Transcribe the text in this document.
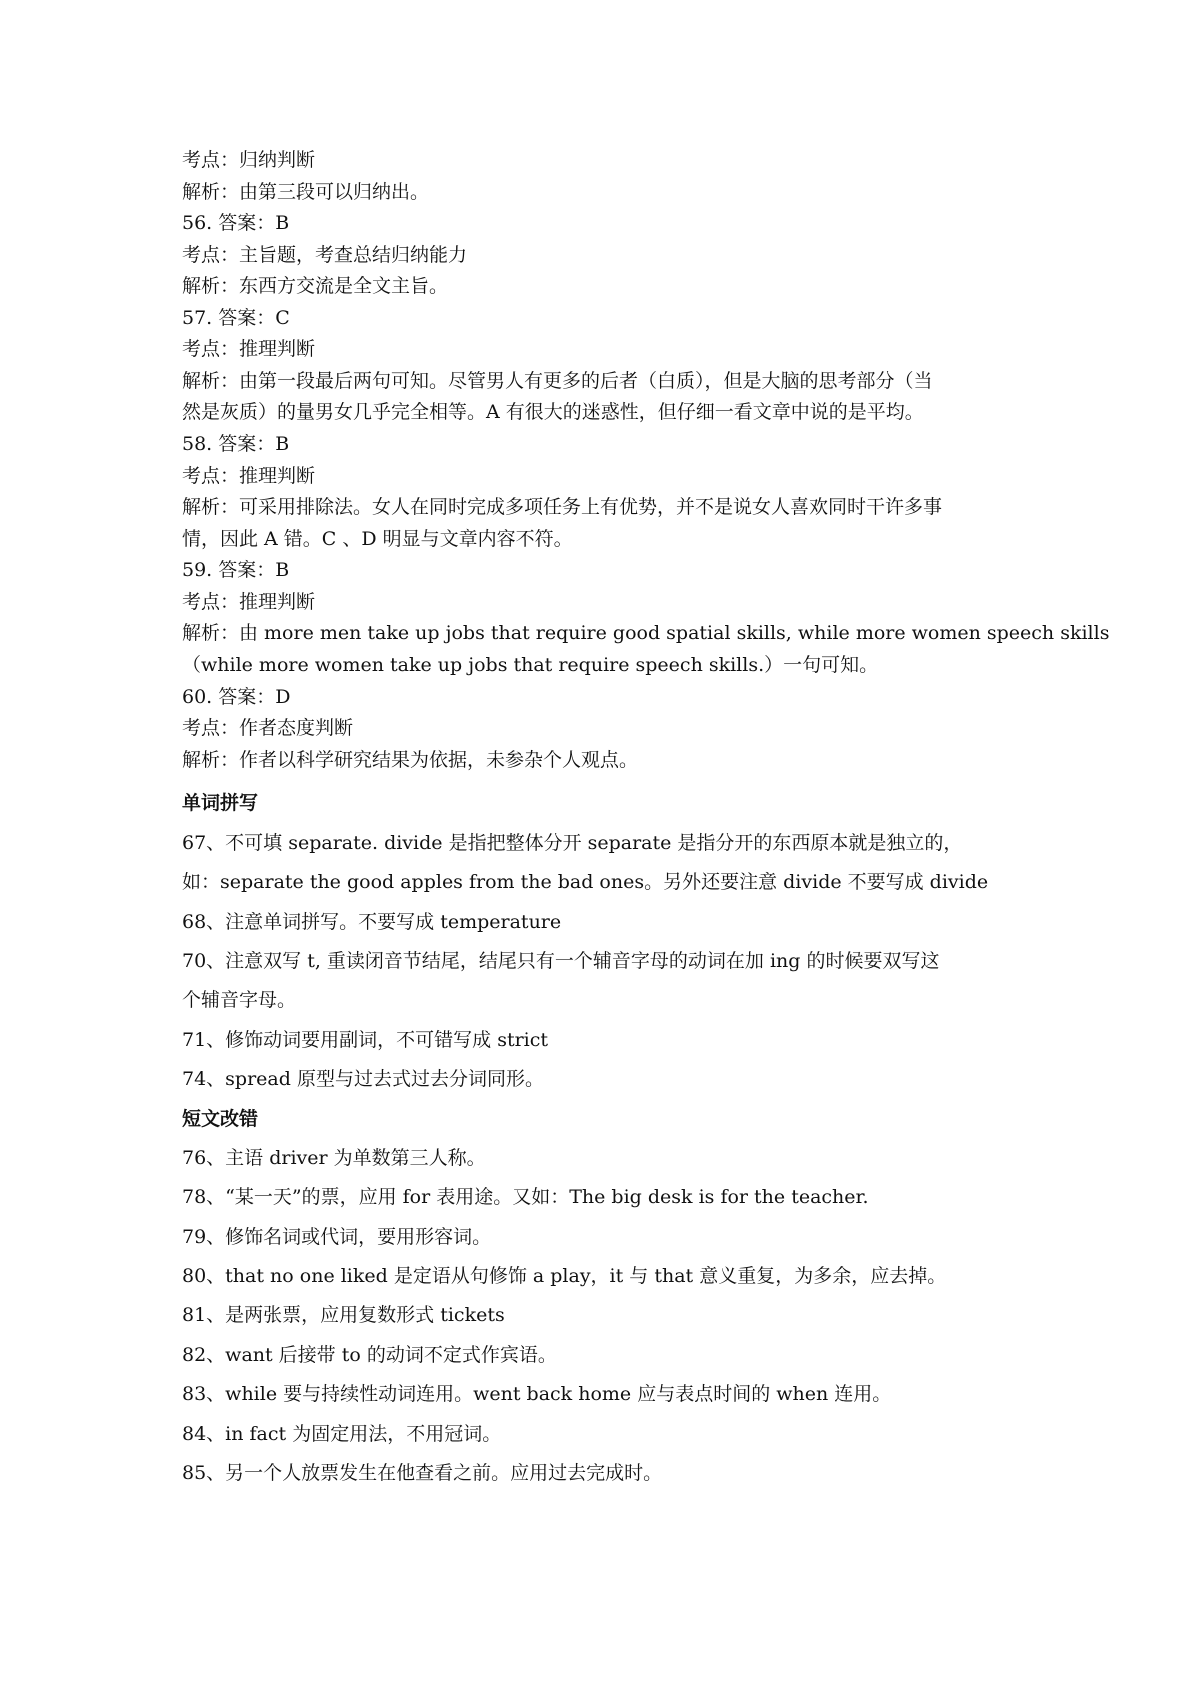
考点：归纳判断
解析：由第三段可以归纳出。
56. 答案：B
考点：主旨题，考查总结归纳能力
解析：东西方交流是全文主旨。
57. 答案：C
考点：推理判断
解析：由第一段最后两句可知。尽管男人有更多的后者（白质），但是大脑的思考部分（当
然是灰质）的量男女几乎完全相等。A 有很大的迷惑性，但仔细一看文章中说的是平均。
58. 答案：B
考点：推理判断
解析：可采用排除法。女人在同时完成多项任务上有优势，并不是说女人喜欢同时干许多事
情，因此 A 错。C 、D 明显与文章内容不符。
59. 答案：B
考点：推理判断
解析：由 more men take up jobs that require good spatial skills, while more women speech skills
（while more women take up jobs that require speech skills.）一句可知。
60. 答案：D
考点：作者态度判断
解析：作者以科学研究结果为依据，未参杂个人观点。
单词拼写
67、不可填 separate. divide 是指把整体分开 separate 是指分开的东西原本就是独立的，
如：separate the good apples from the bad ones。另外还要注意 divide 不要写成 divide
68、注意单词拼写。不要写成 temperature
70、注意双写 t, 重读闭音节结尾，结尾只有一个辅音字母的动词在加 ing 的时候要双写这
个辅音字母。
71、修饰动词要用副词，不可错写成 strict
74、spread 原型与过去式过去分词同形。
短文改错
76、主语 driver 为单数第三人称。
78、“某一天”的票，应用 for 表用途。又如：The big desk is for the teacher.
79、修饰名词或代词，要用形容词。
80、that no one liked 是定语从句修饰 a play，it 与 that 意义重复，为多余，应去掉。
81、是两张票，应用复数形式 tickets
82、want 后接带 to 的动词不定式作宾语。
83、while 要与持续性动词连用。went back home 应与表点时间的 when 连用。
84、in fact 为固定用法，不用冠词。
85、另一个人放票发生在他查看之前。应用过去完成时。
